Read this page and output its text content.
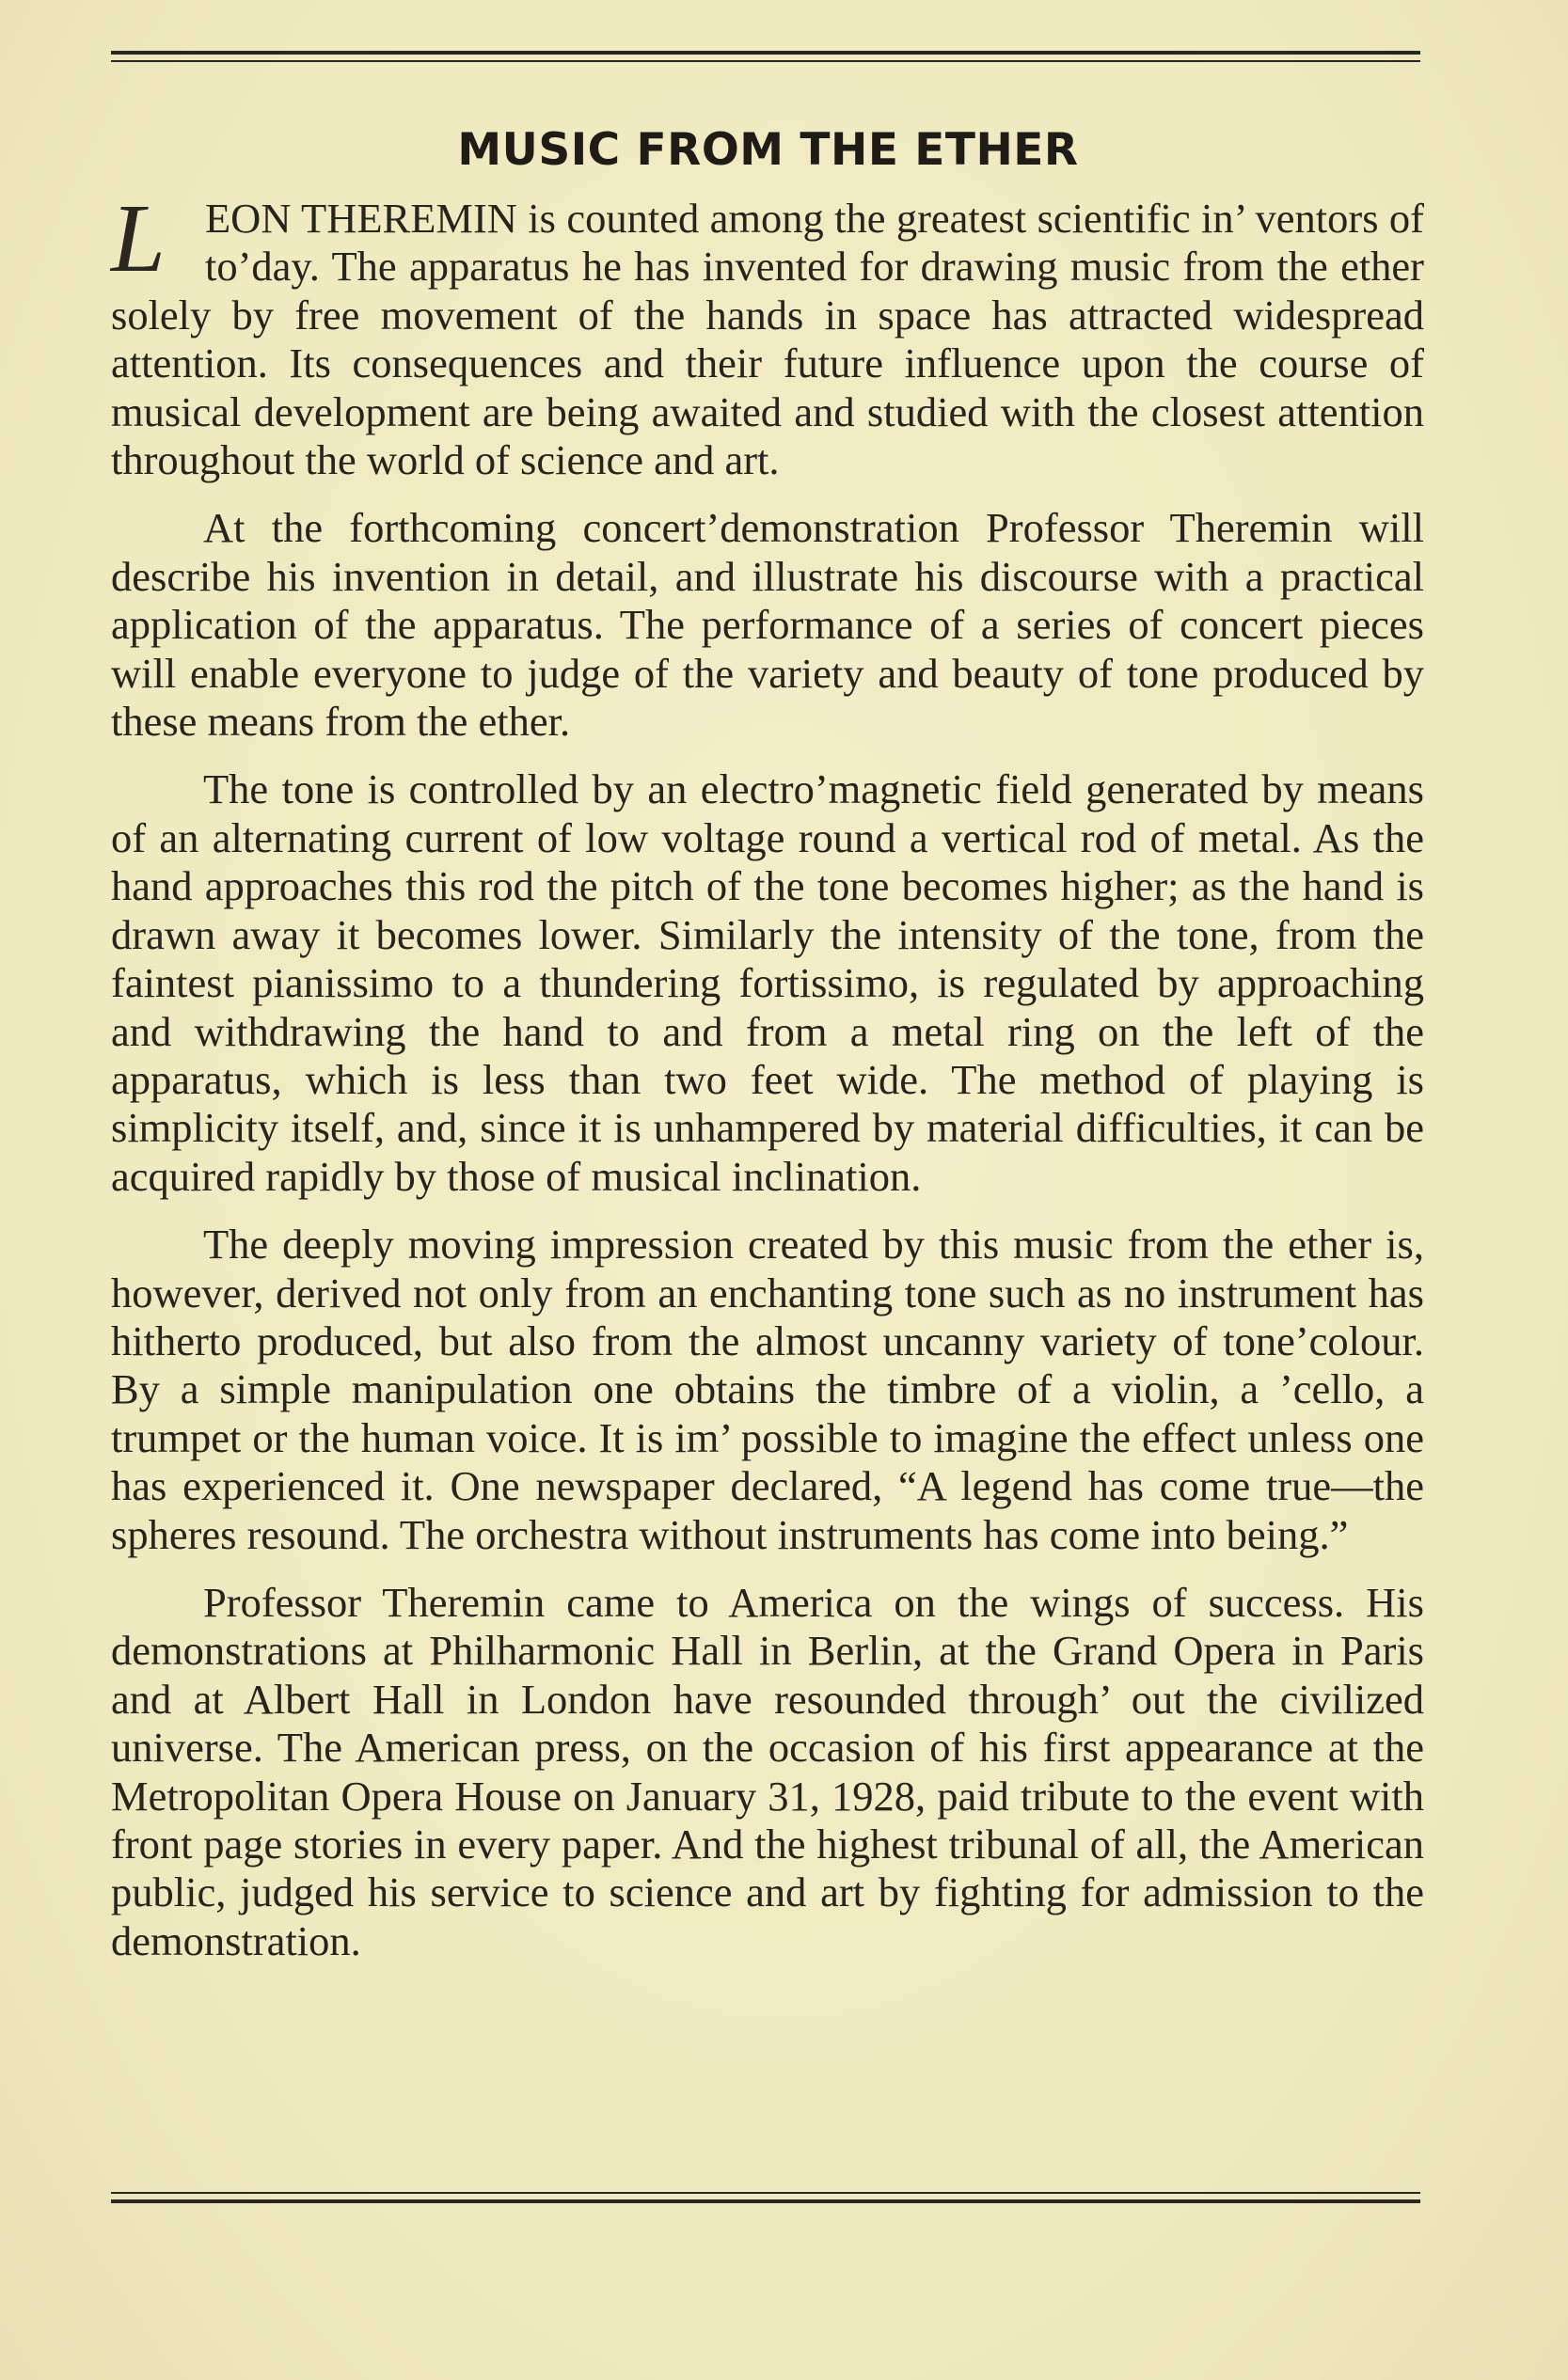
MUSIC FROM THE ETHER

LEON THEREMIN is counted among the greatest scientific in’ ventors of to’day. The apparatus he has invented for drawing music from the ether solely by free movement of the hands in space has attracted widespread attention. Its consequences and their future influence upon the course of musical development are being awaited and studied with the closest attention throughout the world of science and art.

At the forthcoming concert’demonstration Professor Theremin will describe his invention in detail, and illustrate his discourse with a practical application of the apparatus. The performance of a series of concert pieces will enable everyone to judge of the variety and beauty of tone produced by these means from the ether.

The tone is controlled by an electro’magnetic field generated by means of an alternating current of low voltage round a vertical rod of metal. As the hand approaches this rod the pitch of the tone becomes higher; as the hand is drawn away it becomes lower. Similarly the intensity of the tone, from the faintest pianissimo to a thundering fortissimo, is regulated by approaching and withdrawing the hand to and from a metal ring on the left of the apparatus, which is less than two feet wide. The method of playing is simplicity itself, and, since it is unhampered by material difficulties, it can be acquired rapidly by those of musical inclination.

The deeply moving impression created by this music from the ether is, however, derived not only from an enchanting tone such as no instrument has hitherto produced, but also from the almost uncanny variety of tone’colour. By a simple manipulation one obtains the timbre of a violin, a ’cello, a trumpet or the human voice. It is im’ possible to imagine the effect unless one has experienced it. One newspaper declared, “A legend has come true—the spheres resound. The orchestra without instruments has come into being.”

Professor Theremin came to America on the wings of success. His demonstrations at Philharmonic Hall in Berlin, at the Grand Opera in Paris and at Albert Hall in London have resounded through’ out the civilized universe. The American press, on the occasion of his first appearance at the Metropolitan Opera House on January 31, 1928, paid tribute to the event with front page stories in every paper. And the highest tribunal of all, the American public, judged his service to science and art by fighting for admission to the demonstration.
